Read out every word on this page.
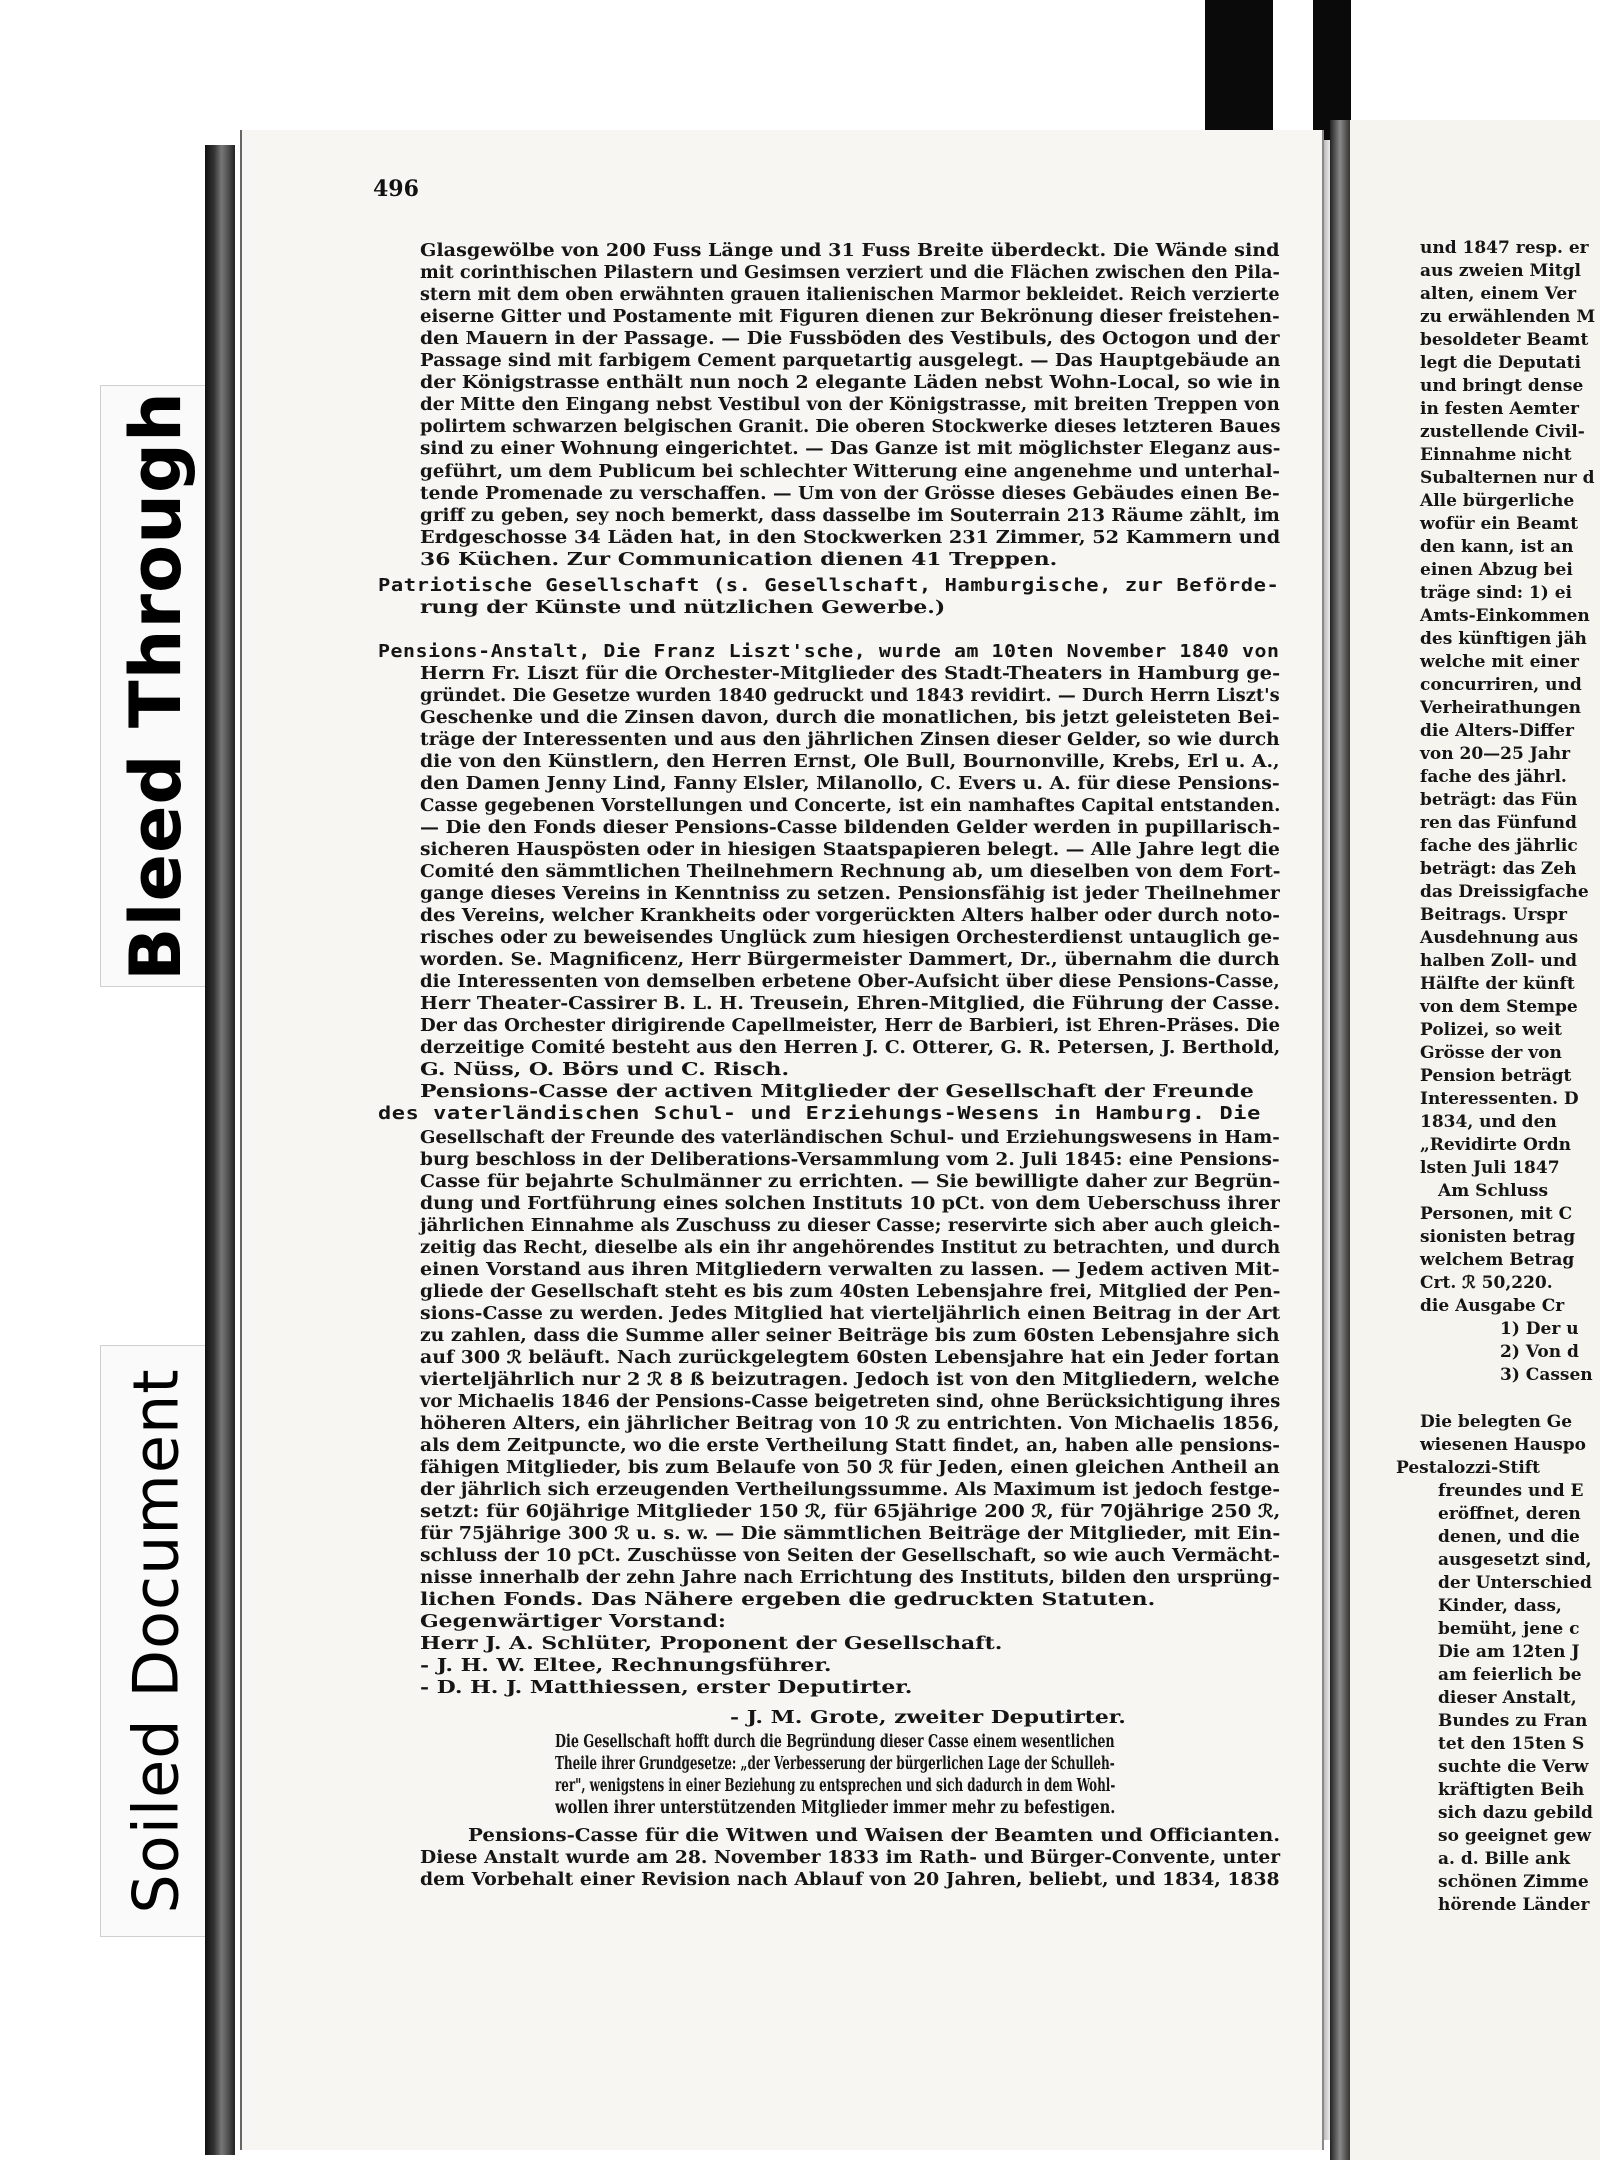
Bleed Through
Soiled Document
496
Glasgewölbe von 200 Fuss Länge und 31 Fuss Breite überdeckt. Die Wände sind
mit corinthischen Pilastern und Gesimsen verziert und die Flächen zwischen den Pila-
stern mit dem oben erwähnten grauen italienischen Marmor bekleidet. Reich verzierte
eiserne Gitter und Postamente mit Figuren dienen zur Bekrönung dieser freistehen-
den Mauern in der Passage. — Die Fussböden des Vestibuls, des Octogon und der
Passage sind mit farbigem Cement parquetartig ausgelegt. — Das Hauptgebäude an
der Königstrasse enthält nun noch 2 elegante Läden nebst Wohn-Local, so wie in
der Mitte den Eingang nebst Vestibul von der Königstrasse, mit breiten Treppen von
polirtem schwarzen belgischen Granit. Die oberen Stockwerke dieses letzteren Baues
sind zu einer Wohnung eingerichtet. — Das Ganze ist mit möglichster Eleganz aus-
geführt, um dem Publicum bei schlechter Witterung eine angenehme und unterhal-
tende Promenade zu verschaffen. — Um von der Grösse dieses Gebäudes einen Be-
griff zu geben, sey noch bemerkt, dass dasselbe im Souterrain 213 Räume zählt, im
Erdgeschosse 34 Läden hat, in den Stockwerken 231 Zimmer, 52 Kammern und
36 Küchen. Zur Communication dienen 41 Treppen.
Patriotische Gesellschaft (s. Gesellschaft, Hamburgische, zur Beförde-
rung der Künste und nützlichen Gewerbe.)
Pensions-Anstalt, Die Franz Liszt'sche, wurde am 10ten November 1840 von
Herrn Fr. Liszt für die Orchester-Mitglieder des Stadt-Theaters in Hamburg ge-
gründet. Die Gesetze wurden 1840 gedruckt und 1843 revidirt. — Durch Herrn Liszt's
Geschenke und die Zinsen davon, durch die monatlichen, bis jetzt geleisteten Bei-
träge der Interessenten und aus den jährlichen Zinsen dieser Gelder, so wie durch
die von den Künstlern, den Herren Ernst, Ole Bull, Bournonville, Krebs, Erl u. A.,
den Damen Jenny Lind, Fanny Elsler, Milanollo, C. Evers u. A. für diese Pensions-
Casse gegebenen Vorstellungen und Concerte, ist ein namhaftes Capital entstanden.
— Die den Fonds dieser Pensions-Casse bildenden Gelder werden in pupillarisch-
sicheren Hauspösten oder in hiesigen Staatspapieren belegt. — Alle Jahre legt die
Comité den sämmtlichen Theilnehmern Rechnung ab, um dieselben von dem Fort-
gange dieses Vereins in Kenntniss zu setzen. Pensionsfähig ist jeder Theilnehmer
des Vereins, welcher Krankheits oder vorgerückten Alters halber oder durch noto-
risches oder zu beweisendes Unglück zum hiesigen Orchesterdienst untauglich ge-
worden. Se. Magnificenz, Herr Bürgermeister Dammert, Dr., übernahm die durch
die Interessenten von demselben erbetene Ober-Aufsicht über diese Pensions-Casse,
Herr Theater-Cassirer B. L. H. Treusein, Ehren-Mitglied, die Führung der Casse.
Der das Orchester dirigirende Capellmeister, Herr de Barbieri, ist Ehren-Präses. Die
derzeitige Comité besteht aus den Herren J. C. Otterer, G. R. Petersen, J. Berthold,
G. Nüss, O. Börs und C. Risch.
Pensions-Casse der activen Mitglieder der Gesellschaft der Freunde
des vaterländischen Schul- und Erziehungs-Wesens in Hamburg. Die
Gesellschaft der Freunde des vaterländischen Schul- und Erziehungswesens in Ham-
burg beschloss in der Deliberations-Versammlung vom 2. Juli 1845: eine Pensions-
Casse für bejahrte Schulmänner zu errichten. — Sie bewilligte daher zur Begrün-
dung und Fortführung eines solchen Instituts 10 pCt. von dem Ueberschuss ihrer
jährlichen Einnahme als Zuschuss zu dieser Casse; reservirte sich aber auch gleich-
zeitig das Recht, dieselbe als ein ihr angehörendes Institut zu betrachten, und durch
einen Vorstand aus ihren Mitgliedern verwalten zu lassen. — Jedem activen Mit-
gliede der Gesellschaft steht es bis zum 40sten Lebensjahre frei, Mitglied der Pen-
sions-Casse zu werden. Jedes Mitglied hat vierteljährlich einen Beitrag in der Art
zu zahlen, dass die Summe aller seiner Beiträge bis zum 60sten Lebensjahre sich
auf 300 ℛ beläuft. Nach zurückgelegtem 60sten Lebensjahre hat ein Jeder fortan
vierteljährlich nur 2 ℛ 8 ß beizutragen. Jedoch ist von den Mitgliedern, welche
vor Michaelis 1846 der Pensions-Casse beigetreten sind, ohne Berücksichtigung ihres
höheren Alters, ein jährlicher Beitrag von 10 ℛ zu entrichten. Von Michaelis 1856,
als dem Zeitpuncte, wo die erste Vertheilung Statt findet, an, haben alle pensions-
fähigen Mitglieder, bis zum Belaufe von 50 ℛ für Jeden, einen gleichen Antheil an
der jährlich sich erzeugenden Vertheilungssumme. Als Maximum ist jedoch festge-
setzt: für 60jährige Mitglieder 150 ℛ, für 65jährige 200 ℛ, für 70jährige 250 ℛ,
für 75jährige 300 ℛ u. s. w. — Die sämmtlichen Beiträge der Mitglieder, mit Ein-
schluss der 10 pCt. Zuschüsse von Seiten der Gesellschaft, so wie auch Vermächt-
nisse innerhalb der zehn Jahre nach Errichtung des Instituts, bilden den ursprüng-
lichen Fonds. Das Nähere ergeben die gedruckten Statuten.
Gegenwärtiger Vorstand:
Herr J. A. Schlüter, Proponent der Gesellschaft.
- J. H. W. Eltee, Rechnungsführer.
- D. H. J. Matthiessen, erster Deputirter.
- J. M. Grote, zweiter Deputirter.
Die Gesellschaft hofft durch die Begründung dieser Casse einem wesentlichen
Theile ihrer Grundgesetze: „der Verbesserung der bürgerlichen Lage der Schulleh-
rer", wenigstens in einer Beziehung zu entsprechen und sich dadurch in dem Wohl-
wollen ihrer unterstützenden Mitglieder immer mehr zu befestigen.
Pensions-Casse für die Witwen und Waisen der Beamten und Officianten.
Diese Anstalt wurde am 28. November 1833 im Rath- und Bürger-Convente, unter
dem Vorbehalt einer Revision nach Ablauf von 20 Jahren, beliebt, und 1834, 1838
und 1847 resp. er
aus zweien Mitgl
alten, einem Ver
zu erwählenden M
besoldeter Beamt
legt die Deputati
und bringt dense
in festen Aemter
zustellende Civil-
Einnahme nicht
Subalternen nur d
Alle bürgerliche
wofür ein Beamt
den kann, ist an
einen Abzug bei
träge sind: 1) ei
Amts-Einkommen
des künftigen jäh
welche mit einer
concurriren, und
Verheirathungen
die Alters-Differ
von 20—25 Jahr
fache des jährl.
beträgt: das Fün
ren das Fünfund
fache des jährlic
beträgt: das Zeh
das Dreissigfache
Beitrags. Urspr
Ausdehnung aus
halben Zoll- und
Hälfte der künft
von dem Stempe
Polizei, so weit
Grösse der von
Pension beträgt
Interessenten. D
1834, und den
„Revidirte Ordn
lsten Juli 1847
Am Schluss
Personen, mit C
sionisten betrag
welchem Betrag
Crt. ℛ 50,220.
die Ausgabe Cr
1) Der u
2) Von d
3) Cassen
Die belegten Ge
wiesenen Hauspo
Pestalozzi-Stift
freundes und E
eröffnet, deren
denen, und die
ausgesetzt sind,
der Unterschied
Kinder, dass,
bemüht, jene c
Die am 12ten J
am feierlich be
dieser Anstalt,
Bundes zu Fran
tet den 15ten S
suchte die Verw
kräftigten Beih
sich dazu gebild
so geeignet gew
a. d. Bille ank
schönen Zimme
hörende Länder
